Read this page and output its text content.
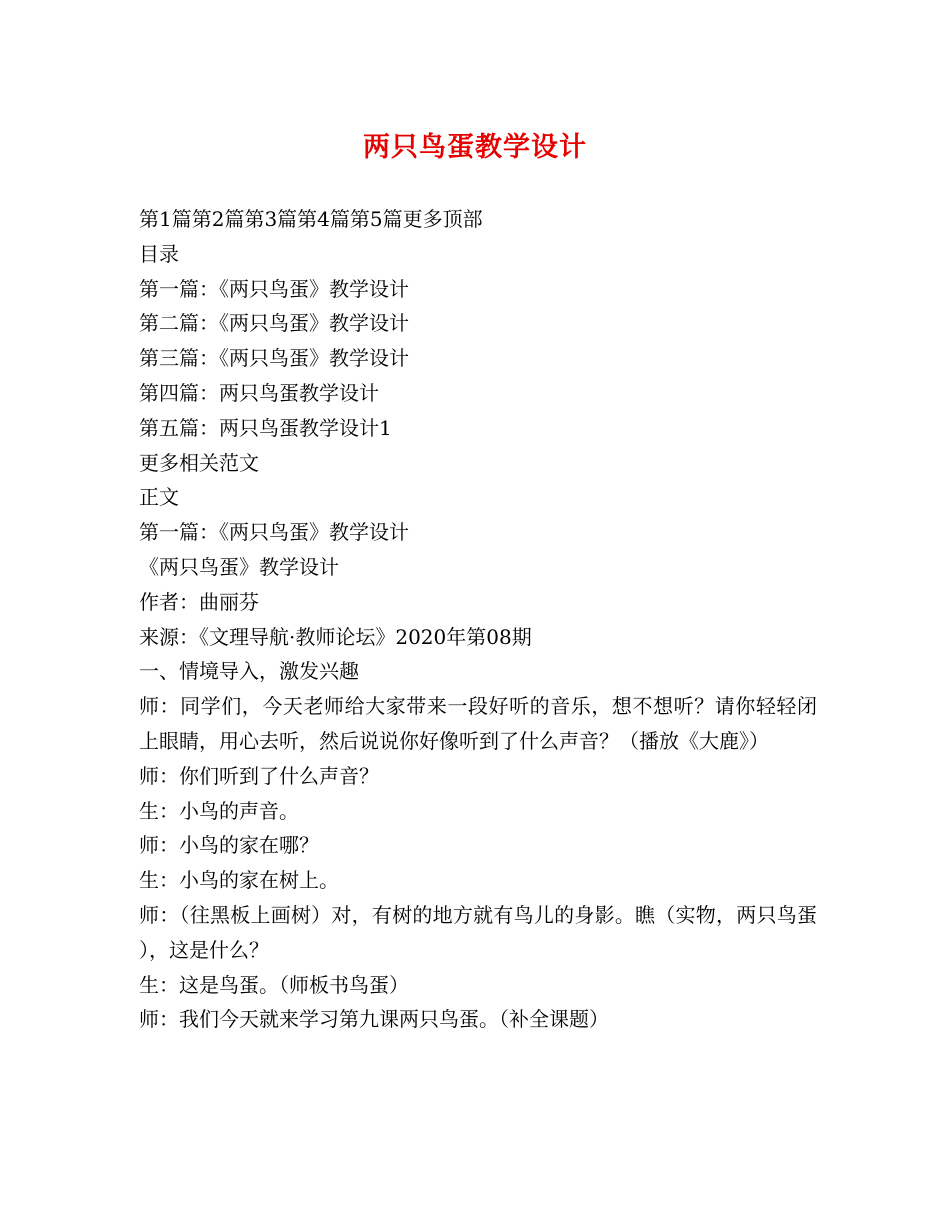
两只鸟蛋教学设计
第1篇第2篇第3篇第4篇第5篇更多顶部
目录
第一篇：《两只鸟蛋》教学设计
第二篇：《两只鸟蛋》教学设计
第三篇：《两只鸟蛋》教学设计
第四篇：两只鸟蛋教学设计
第五篇：两只鸟蛋教学设计1
更多相关范文
正文
第一篇：《两只鸟蛋》教学设计
《两只鸟蛋》教学设计
作者：曲丽芬
来源：《文理导航·教师论坛》2020年第08期
一、情境导入，激发兴趣
师：同学们，今天老师给大家带来一段好听的音乐，想不想听？请你轻轻闭上眼睛，用心去听，然后说说你好像听到了什么声音？（播放《大鹿》）
师：你们听到了什么声音？
生：小鸟的声音。
师：小鸟的家在哪？
生：小鸟的家在树上。
师：（往黑板上画树）对，有树的地方就有鸟儿的身影。瞧（实物，两只鸟蛋），这是什么？
生：这是鸟蛋。（师板书鸟蛋）
师：我们今天就来学习第九课两只鸟蛋。（补全课题）
